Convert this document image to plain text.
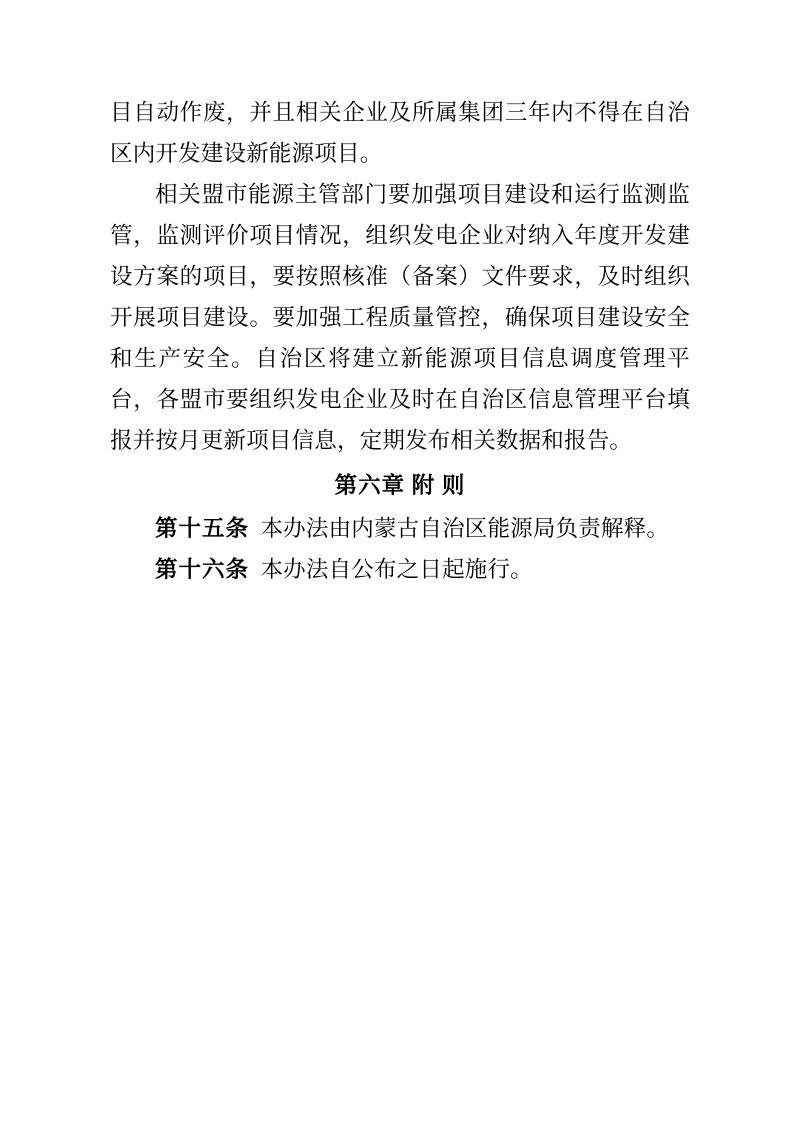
目自动作废，并且相关企业及所属集团三年内不得在自治区内开发建设新能源项目。

相关盟市能源主管部门要加强项目建设和运行监测监管，监测评价项目情况，组织发电企业对纳入年度开发建设方案的项目，要按照核准（备案）文件要求，及时组织开展项目建设。要加强工程质量管控，确保项目建设安全和生产安全。自治区将建立新能源项目信息调度管理平台，各盟市要组织发电企业及时在自治区信息管理平台填报并按月更新项目信息，定期发布相关数据和报告。

第六章 附 则

第十五条 本办法由内蒙古自治区能源局负责解释。

第十六条 本办法自公布之日起施行。
